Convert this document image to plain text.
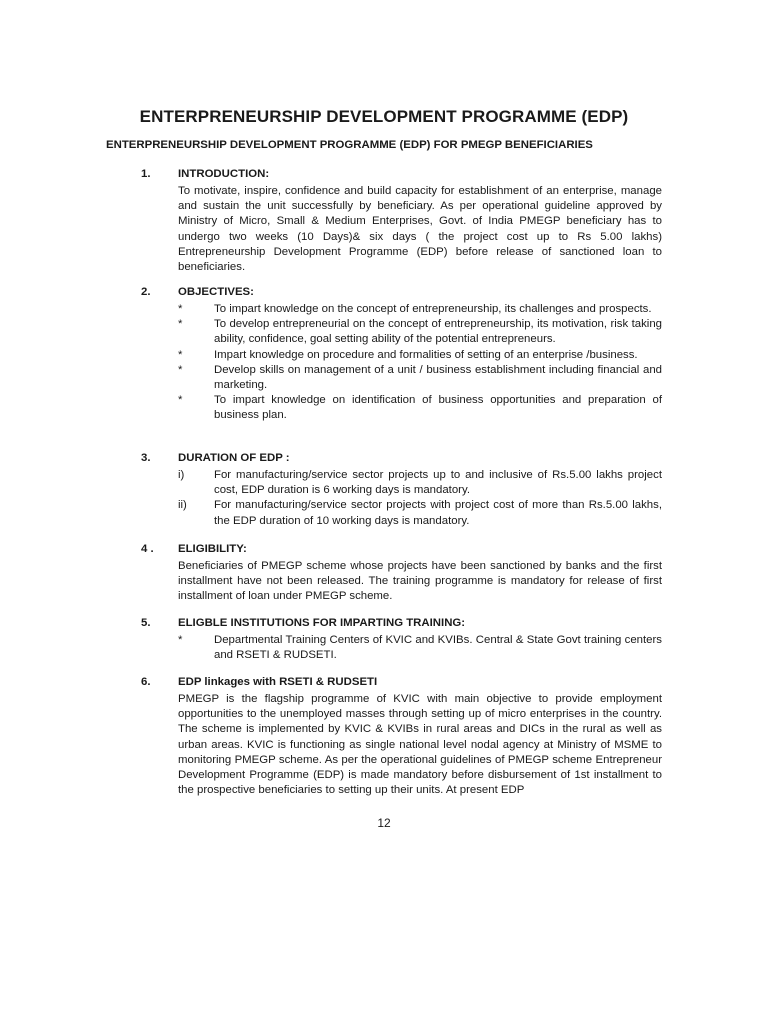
ENTERPRENEURSHIP DEVELOPMENT PROGRAMME (EDP)
ENTERPRENEURSHIP DEVELOPMENT PROGRAMME (EDP) FOR PMEGP BENEFICIARIES
1. INTRODUCTION:
To motivate, inspire, confidence and build capacity for establishment of an enterprise, manage and sustain the unit successfully by beneficiary. As per operational guideline approved by Ministry of Micro, Small & Medium Enterprises, Govt. of India PMEGP beneficiary has to undergo two weeks (10 Days)& six days ( the project cost up to Rs 5.00 lakhs) Entrepreneurship Development Programme (EDP) before release of sanctioned loan to beneficiaries.
2. OBJECTIVES:
*	To impart knowledge on the concept of entrepreneurship, its challenges and prospects.
*	To develop entrepreneurial on the concept of entrepreneurship, its motivation, risk taking ability, confidence, goal setting ability of the potential entrepreneurs.
*	Impart knowledge on procedure and formalities of setting of an enterprise /business.
*	Develop skills on management of a unit / business establishment including financial and marketing.
*	To impart knowledge on identification of business opportunities and preparation of business plan.
3. DURATION OF EDP :
i)	For manufacturing/service sector projects up to and inclusive of Rs.5.00 lakhs project cost, EDP duration is 6 working days is mandatory.
ii) For manufacturing/service sector projects with project cost of more than Rs.5.00 lakhs, the EDP duration of 10 working days is mandatory.
4 . ELIGIBILITY:
Beneficiaries of PMEGP scheme whose projects have been sanctioned by banks and the first installment have not been released. The training programme is mandatory for release of first installment of loan under PMEGP scheme.
5. ELIGBLE INSTITUTIONS FOR IMPARTING TRAINING:
*	Departmental Training Centers of KVIC and KVIBs. Central & State Govt training centers and RSETI & RUDSETI.
6. EDP linkages with RSETI & RUDSETI
PMEGP is the flagship programme of KVIC with main objective to provide employment opportunities to the unemployed masses through setting up of micro enterprises in the country. The scheme is implemented by KVIC & KVIBs in rural areas and DICs in the rural as well as urban areas. KVIC is functioning as single national level nodal agency at Ministry of MSME to monitoring PMEGP scheme. As per the operational guidelines of PMEGP scheme Entrepreneur Development Programme (EDP) is made mandatory before disbursement of 1st installment to the prospective beneficiaries to setting up their units. At present EDP
12
